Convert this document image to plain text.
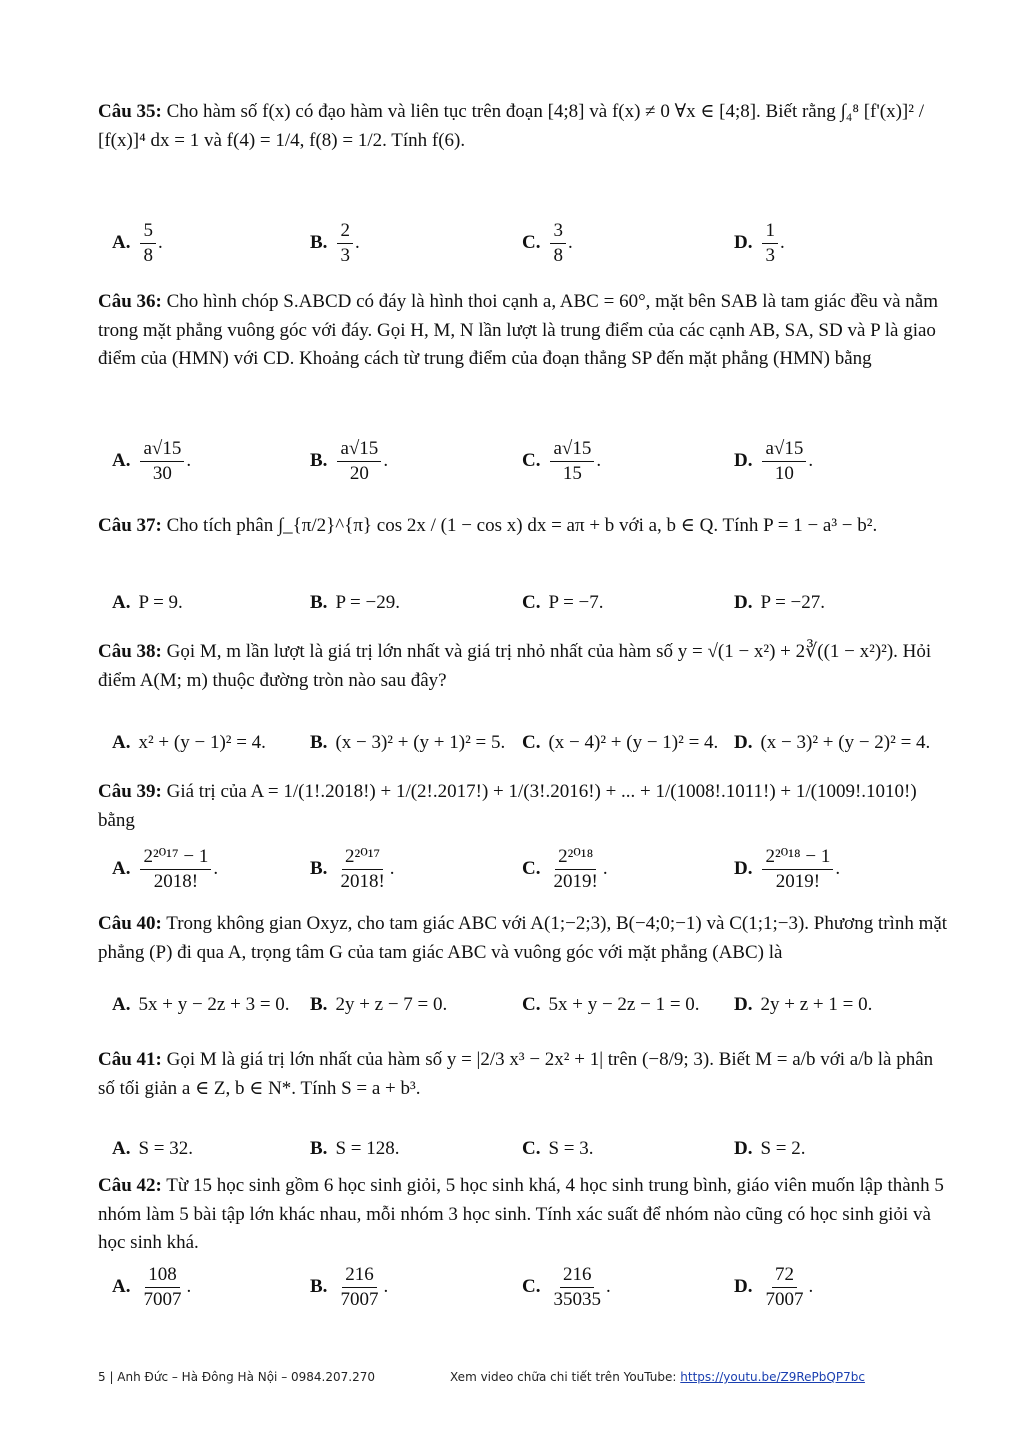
Câu 35: Cho hàm số f(x) có đạo hàm và liên tục trên đoạn [4;8] và f(x) ≠ 0 ∀x ∈ [4;8]. Biết rằng ∫₄⁸ [f'(x)]² / [f(x)]⁴ dx = 1 và f(4) = 1/4, f(8) = 1/2. Tính f(6).
A. $\frac{5}{8}$ .	B. $\frac{2}{3}$ .	C. $\frac{3}{8}$ .	D. $\frac{1}{3}$ .
Câu 36: Cho hình chóp S.ABCD có đáy là hình thoi cạnh a, ABC = 60°, mặt bên SAB là tam giác đều và nằm trong mặt phẳng vuông góc với đáy. Gọi H, M, N lần lượt là trung điểm của các cạnh AB, SA, SD và P là giao điểm của (HMN) với CD. Khoảng cách từ trung điểm của đoạn thẳng SP đến mặt phẳng (HMN) bằng
A. $\frac{a√15}{30}$ .	B. $\frac{a√15}{20}$ .	C. $\frac{a√15}{15}$ .	D. $\frac{a√15}{10}$ .
Câu 37: Cho tích phân ∫_{π/2}^{π} cos 2x / (1 − cos x) dx = aπ + b với a, b ∈ Q. Tính P = 1 − a³ − b².
A. P = 9.	B. P = −29.	C. P = −7.	D. P = −27.
Câu 38: Gọi M, m lần lượt là giá trị lớn nhất và giá trị nhỏ nhất của hàm số y = √(1 − x²) + 2∛((1 − x²)²). Hỏi điểm A(M; m) thuộc đường tròn nào sau đây?
A. x² + (y − 1)² = 4. B. (x − 3)² + (y + 1)² = 5. C. (x − 4)² + (y − 1)² = 4. D. (x − 3)² + (y − 2)² = 4.
Câu 39: Giá trị của A = 1/(1!.2018!) + 1/(2!.2017!) + 1/(3!.2016!) + ... + 1/(1008!.1011!) + 1/(1009!.1010!) bằng
A. $\frac{\text{2²⁰¹⁷ − 1}}{2018!}$ .	B. $\frac{\text{2²⁰¹⁷}}{2018!}$ .	C. $\frac{\text{2²⁰¹⁸}}{2019!}$ .	D. $\frac{\text{2²⁰¹⁸ − 1}}{2019!}$ .
Câu 40: Trong không gian Oxyz, cho tam giác ABC với A(1;−2;3), B(−4;0;−1) và C(1;1;−3). Phương trình mặt phẳng (P) đi qua A, trọng tâm G của tam giác ABC và vuông góc với mặt phẳng (ABC) là
A. 5x + y − 2z + 3 = 0. B. 2y + z − 7 = 0.	C. 5x + y − 2z − 1 = 0. D. 2y + z + 1 = 0.
Câu 41: Gọi M là giá trị lớn nhất của hàm số y = |2/3 x³ − 2x² + 1| trên (−8/9; 3). Biết M = a/b với a/b là phân số tối giản a ∈ Z, b ∈ N*. Tính S = a + b³.
A. S = 32.	B. S = 128.	C. S = 3.	D. S = 2.
Câu 42: Từ 15 học sinh gồm 6 học sinh giỏi, 5 học sinh khá, 4 học sinh trung bình, giáo viên muốn lập thành 5 nhóm làm 5 bài tập lớn khác nhau, mỗi nhóm 3 học sinh. Tính xác suất để nhóm nào cũng có học sinh giỏi và học sinh khá.
A. $\frac{108}{7007}$ .	B. $\frac{216}{7007}$ .	C. $\frac{216}{35035}$ .	D. $\frac{72}{7007}$ .
5 | Anh Đức – Hà Đông Hà Nội – 0984.207.270	Xem video chữa chi tiết trên YouTube: https://youtu.be/Z9RePbQP7bc
